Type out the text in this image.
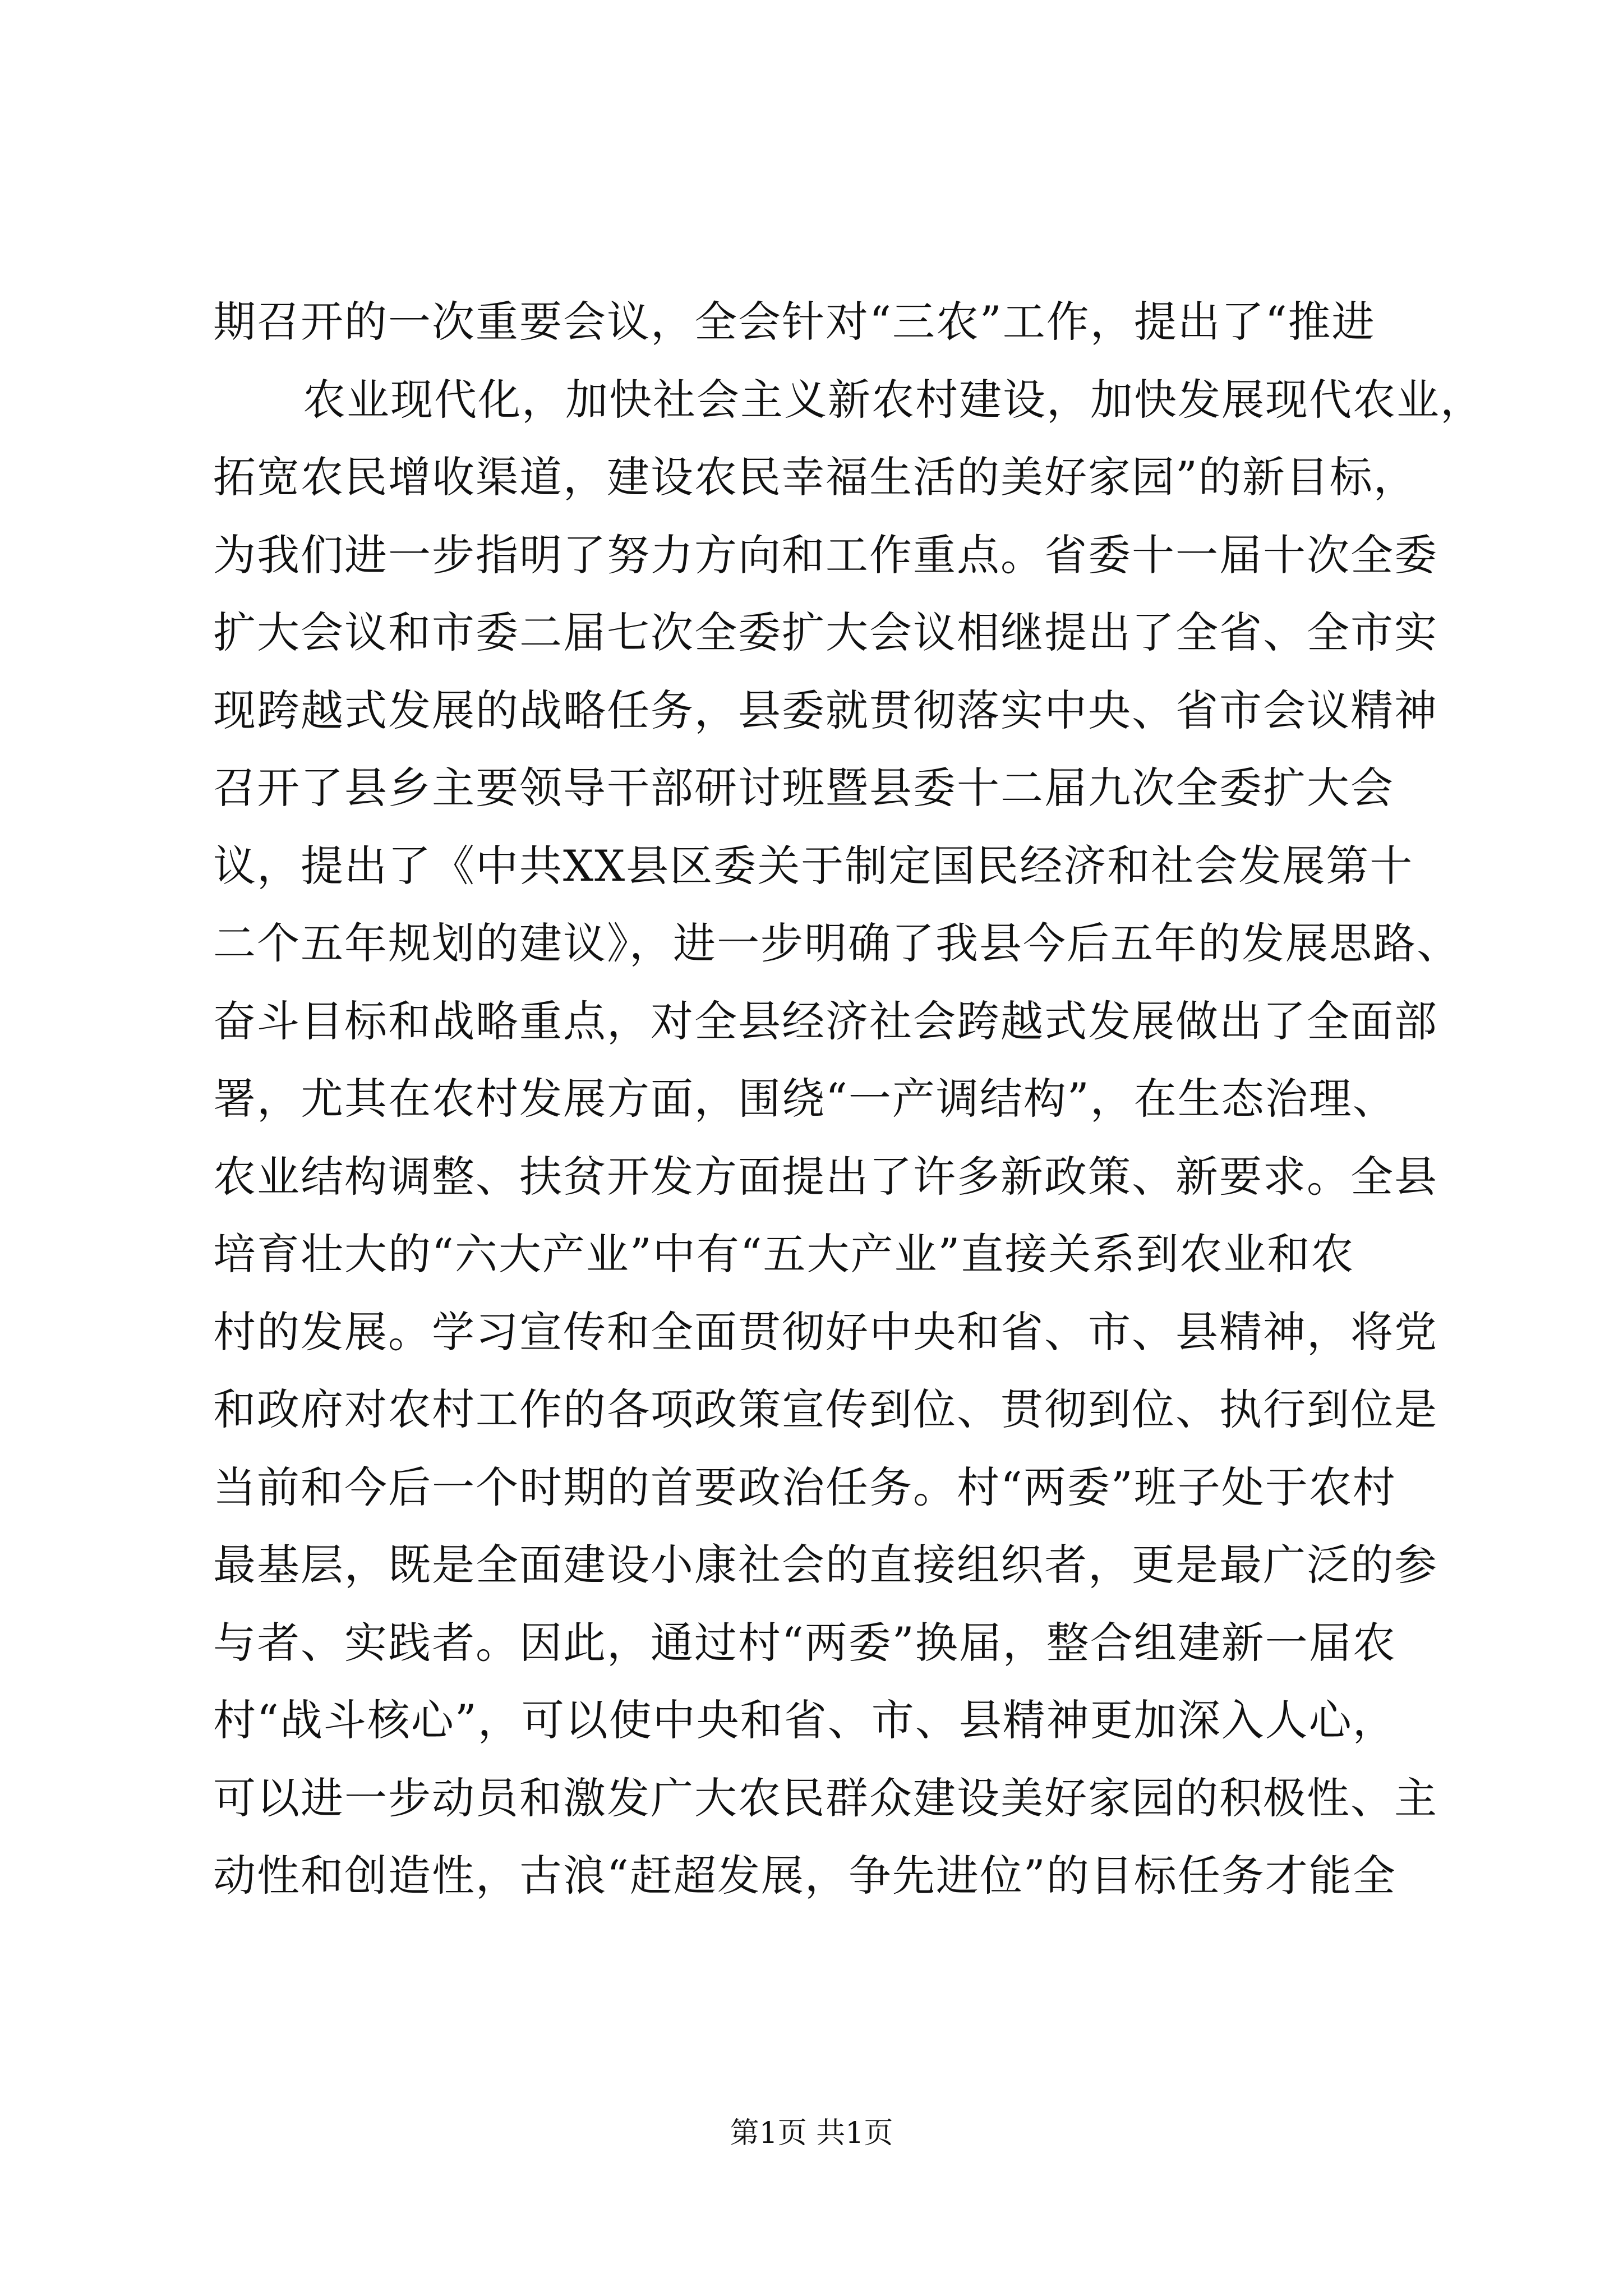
期召开的一次重要会议，全会针对“三农”工作，提出了“推进
农业现代化，加快社会主义新农村建设，加快发展现代农业，
拓宽农民增收渠道，建设农民幸福生活的美好家园”的新目标，
为我们进一步指明了努力方向和工作重点。省委十一届十次全委
扩大会议和市委二届七次全委扩大会议相继提出了全省、全市实
现跨越式发展的战略任务，县委就贯彻落实中央、省市会议精神
召开了县乡主要领导干部研讨班暨县委十二届九次全委扩大会
议，提出了《中共XX县区委关于制定国民经济和社会发展第十
二个五年规划的建议》，进一步明确了我县今后五年的发展思路、
奋斗目标和战略重点，对全县经济社会跨越式发展做出了全面部
署，尤其在农村发展方面，围绕“一产调结构”，在生态治理、
农业结构调整、扶贫开发方面提出了许多新政策、新要求。全县
培育壮大的“六大产业”中有“五大产业”直接关系到农业和农
村的发展。学习宣传和全面贯彻好中央和省、市、县精神，将党
和政府对农村工作的各项政策宣传到位、贯彻到位、执行到位是
当前和今后一个时期的首要政治任务。村“两委”班子处于农村
最基层，既是全面建设小康社会的直接组织者，更是最广泛的参
与者、实践者。因此，通过村“两委”换届，整合组建新一届农
村“战斗核心”，可以使中央和省、市、县精神更加深入人心，
可以进一步动员和激发广大农民群众建设美好家园的积极性、主
动性和创造性，古浪“赶超发展，争先进位”的目标任务才能全
第1页 共1页
